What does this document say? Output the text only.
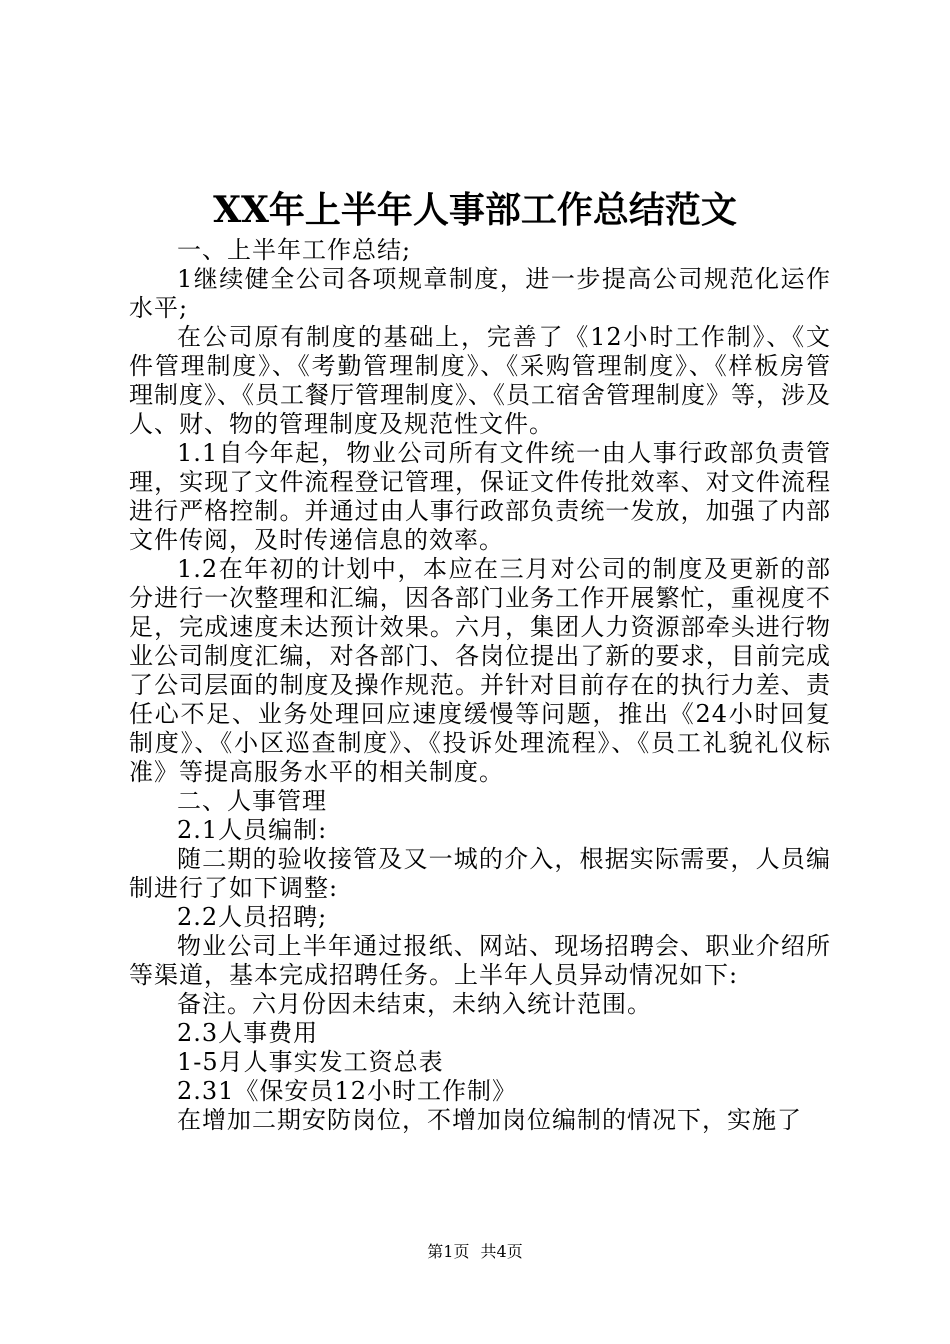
XX年上半年人事部工作总结范文

一、上半年工作总结;

1继续健全公司各项规章制度，进一步提高公司规范化运作水平;

在公司原有制度的基础上，完善了《12小时工作制》、《文件管理制度》、《考勤管理制度》、《采购管理制度》、《样板房管理制度》、《员工餐厅管理制度》、《员工宿舍管理制度》等，涉及人、财、物的管理制度及规范性文件。

1.1自今年起，物业公司所有文件统一由人事行政部负责管理，实现了文件流程登记管理，保证文件传批效率、对文件流程进行严格控制。并通过由人事行政部负责统一发放，加强了内部文件传阅，及时传递信息的效率。

1.2在年初的计划中，本应在三月对公司的制度及更新的部分进行一次整理和汇编，因各部门业务工作开展繁忙，重视度不足，完成速度未达预计效果。六月，集团人力资源部牵头进行物业公司制度汇编，对各部门、各岗位提出了新的要求，目前完成了公司层面的制度及操作规范。并针对目前存在的执行力差、责任心不足、业务处理回应速度缓慢等问题，推出《24小时回复制度》、《小区巡查制度》、《投诉处理流程》、《员工礼貌礼仪标准》等提高服务水平的相关制度。

二、人事管理

2.1人员编制:

随二期的验收接管及又一城的介入，根据实际需要，人员编制进行了如下调整:

2.2人员招聘;

物业公司上半年通过报纸、网站、现场招聘会、职业介绍所等渠道，基本完成招聘任务。上半年人员异动情况如下:

备注。六月份因未结束，未纳入统计范围。

2.3人事费用

1-5月人事实发工资总表

2.31《保安员12小时工作制》

在增加二期安防岗位，不增加岗位编制的情况下，实施了

第1页 共4页
